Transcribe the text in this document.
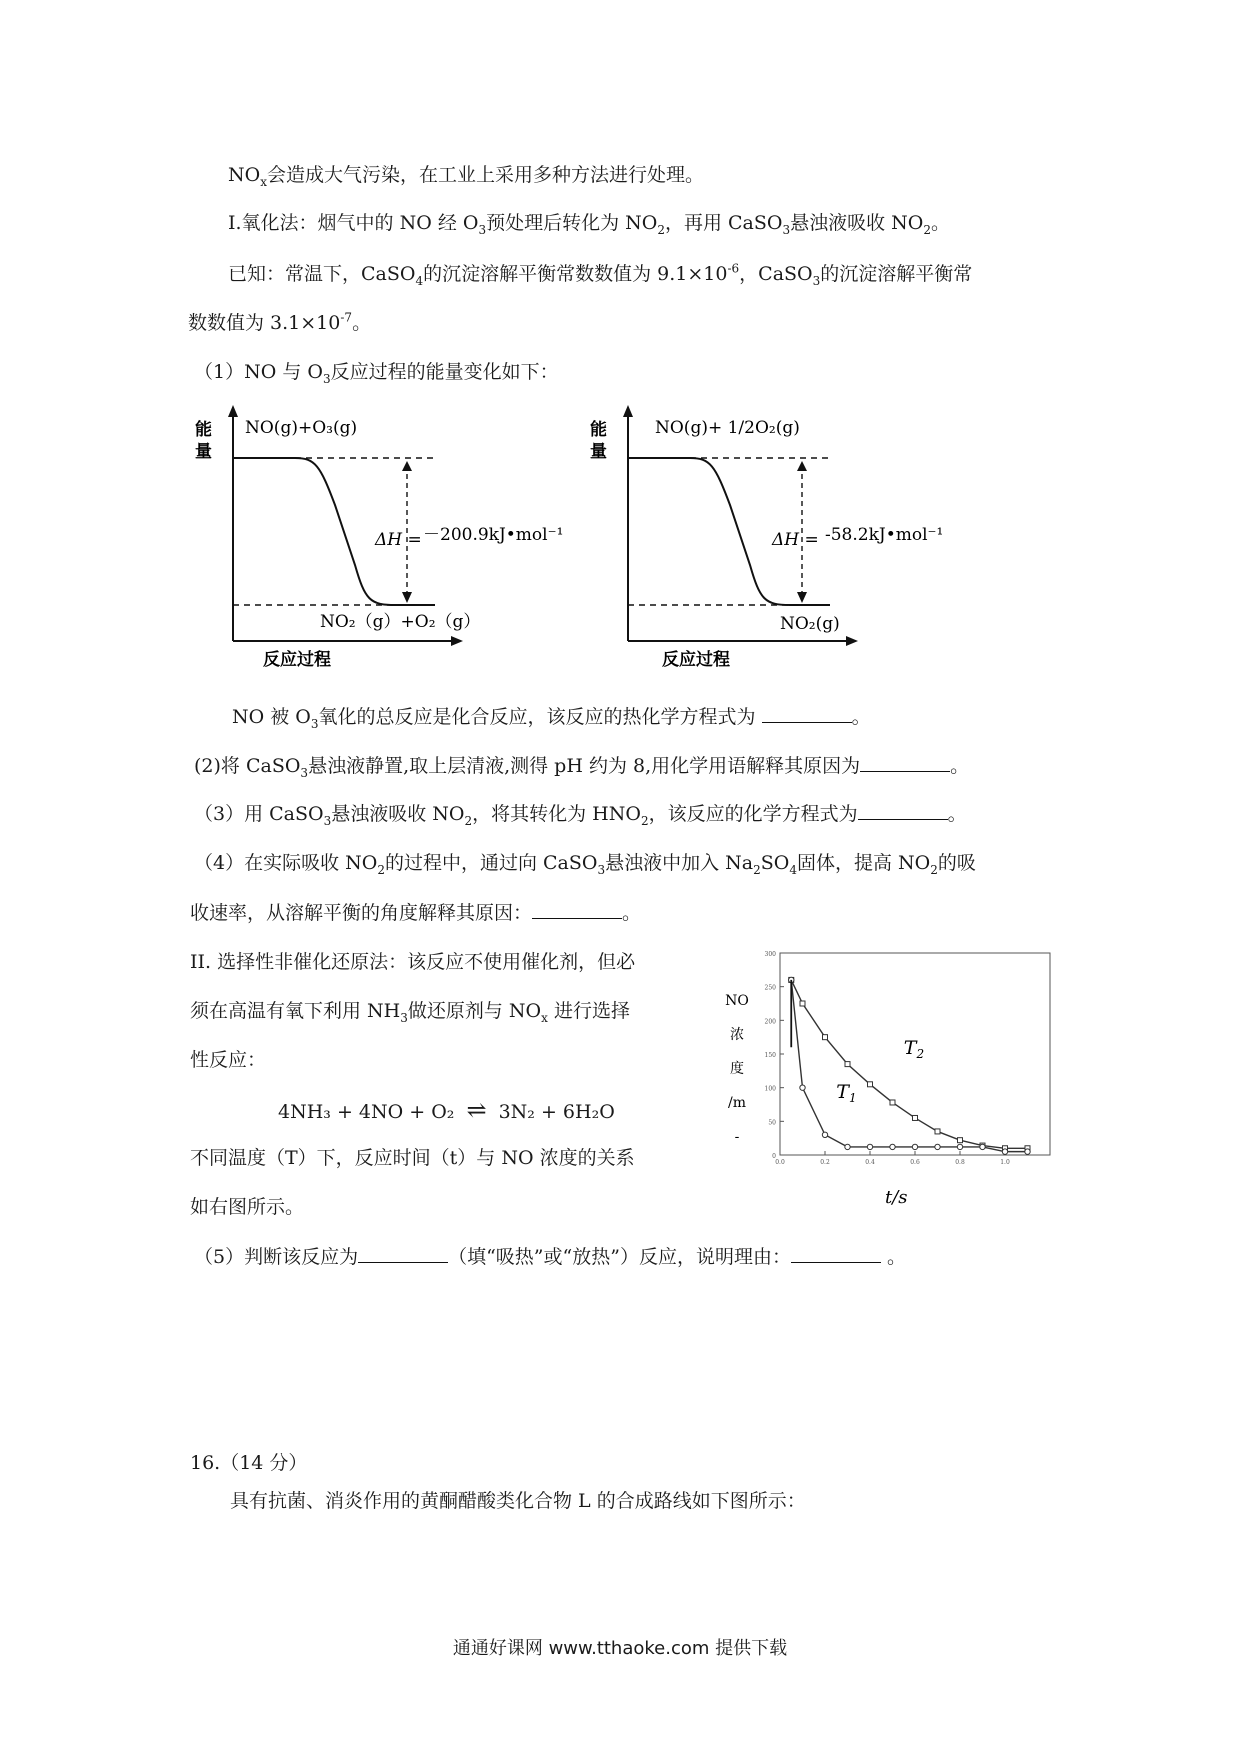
$NO_x$会造成大气污染，在工业上采用多种方法进行处理。
I.氧化法：烟气中的 NO 经 $O_3$预处理后转化为 $NO_2$，再用 CaSO$_3$悬浊液吸收 $NO_2$。
已知：常温下，CaSO$_4$的沉淀溶解平衡常数数值为 $9.1\times 10^{-6}$，CaSO$_3$的沉淀溶解平衡常
数数值为 $3.1\times 10^{-7}$。
（1）NO 与 $O_3$反应过程的能量变化如下：
能
量
NO(g)+O₃(g)
ΔH = －200.9kJ•mol⁻¹
NO₂（g）+O₂（g）
反应过程
能
量
NO(g)+ 1/2O₂(g)
ΔH = -58.2kJ•mol⁻¹
NO₂(g)
反应过程
NO 被 $O_3$氧化的总反应是化合反应，该反应的热化学方程式为	。
(2)将 CaSO$_3$悬浊液静置,取上层清液,测得 pH 约为 8,用化学用语解释其原因为	。
（3）用 CaSO$_3$悬浊液吸收 $NO_2$，将其转化为 $HNO_2$，该反应的化学方程式为	。
（4）在实际吸收 $NO_2$的过程中，通过向 CaSO$_3$悬浊液中加入 $Na_2SO_4$固体，提高 $NO_2$的吸
收速率，从溶解平衡的角度解释其原因：	。
II. 选择性非催化还原法：该反应不使用催化剂，但必
须在高温有氧下利用 $NH_3$做还原剂与 $NO_x$ 进行选择
性反应：
4NH₃ + 4NO + O₂ ⇌ 3N₂ + 6H₂O
不同温度（T）下，反应时间（t）与 NO 浓度的关系
如右图所示。
0
50
100
150
200
250
300
0.0	0.2	0.4	0.6	0.8	1.0
NO
浓
度
/m
-
t/s
$T_2$
$T_1$
（5）判断该反应为	（填“吸热”或“放热”）反应，说明理由：	。
16.（14 分）
具有抗菌、消炎作用的黄酮醋酸类化合物 L 的合成路线如下图所示：
通通好课网 www.tthaoke.com 提供下载
